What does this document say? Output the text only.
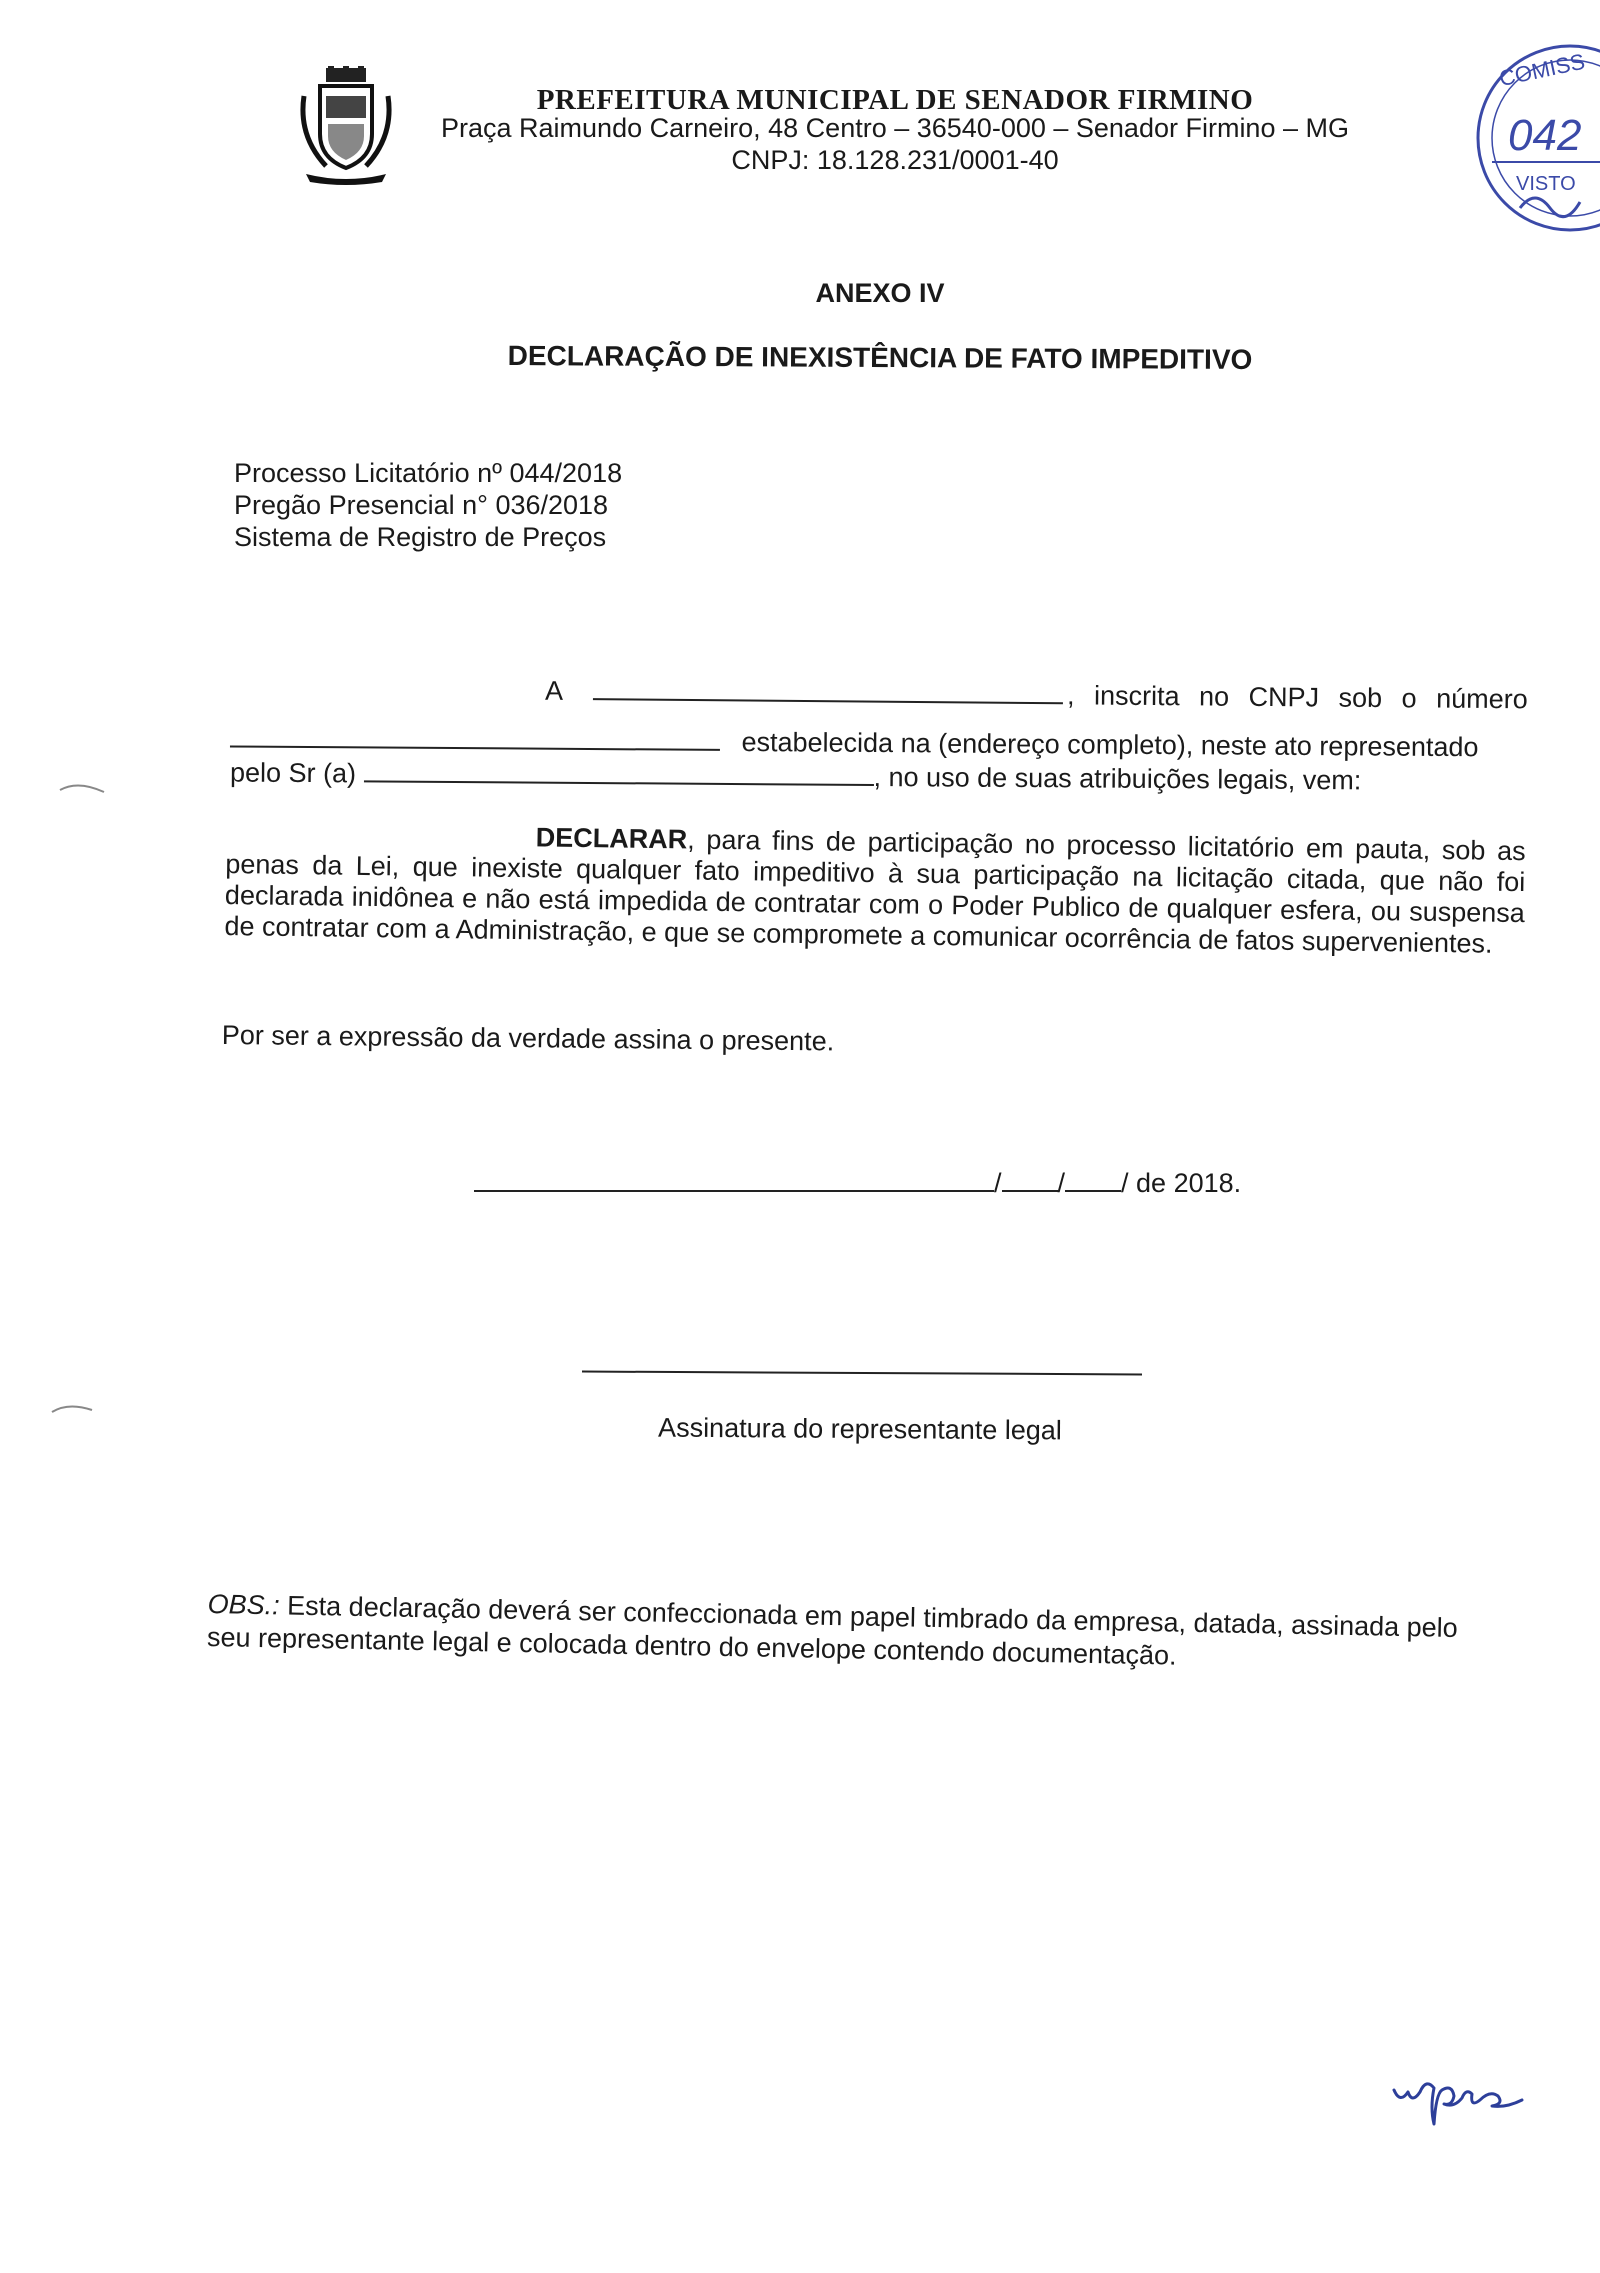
PREFEITURA MUNICIPAL DE SENADOR FIRMINO
Praça Raimundo Carneiro, 48 Centro – 36540-000 – Senador Firmino – MG
CNPJ: 18.128.231/0001-40
COMISS
042
VISTO
ANEXO IV
DECLARAÇÃO DE INEXISTÊNCIA DE FATO IMPEDITIVO
Processo Licitatório nº 044/2018
Pregão Presencial n° 036/2018
Sistema de Registro de Preços
A	, inscrita no CNPJ sob o número
estabelecida na (endereço completo), neste ato representado
pelo Sr (a)	, no uso de suas atribuições legais, vem:
DECLARAR, para fins de participação no processo licitatório em pauta, sob as penas da Lei, que inexiste qualquer fato impeditivo à sua participação na licitação citada, que não foi declarada inidônea e não está impedida de contratar com o Poder Publico de qualquer esfera, ou suspensa de contratar com a Administração, e que se compromete a comunicar ocorrência de fatos supervenientes.
Por ser a expressão da verdade assina o presente.
/ / / de 2018.
Assinatura do representante legal
OBS.: Esta declaração deverá ser confeccionada em papel timbrado da empresa, datada, assinada pelo seu representante legal e colocada dentro do envelope contendo documentação.
